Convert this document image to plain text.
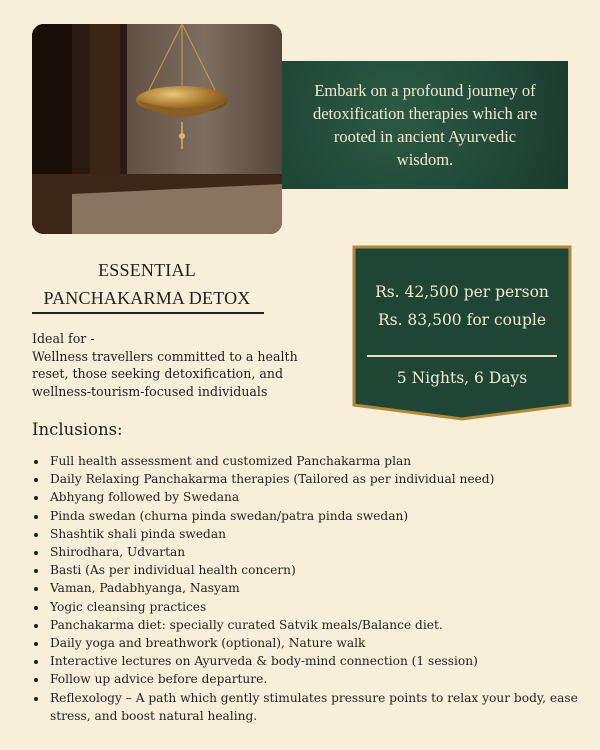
Embark on a profound journey of detoxification therapies which are rooted in ancient Ayurvedic wisdom.
ESSENTIAL
PANCHAKARMA DETOX
Ideal for -
Wellness travellers committed to a health reset, those seeking detoxification, and wellness-tourism-focused individuals
Rs. 42,500 per person
Rs. 83,500 for couple
5 Nights, 6 Days
Inclusions:
• Full health assessment and customized Panchakarma plan
• Daily Relaxing Panchakarma therapies (Tailored as per individual need)
• Abhyang followed by Swedana
• Pinda swedan (churna pinda swedan/patra pinda swedan)
• Shashtik shali pinda swedan
• Shirodhara, Udvartan
• Basti (As per individual health concern)
• Vaman, Padabhyanga, Nasyam
• Yogic cleansing practices
• Panchakarma diet: specially curated Satvik meals/Balance diet.
• Daily yoga and breathwork (optional), Nature walk
• Interactive lectures on Ayurveda & body-mind connection (1 session)
• Follow up advice before departure.
• Reflexology – A path which gently stimulates pressure points to relax your body, ease stress, and boost natural healing.
